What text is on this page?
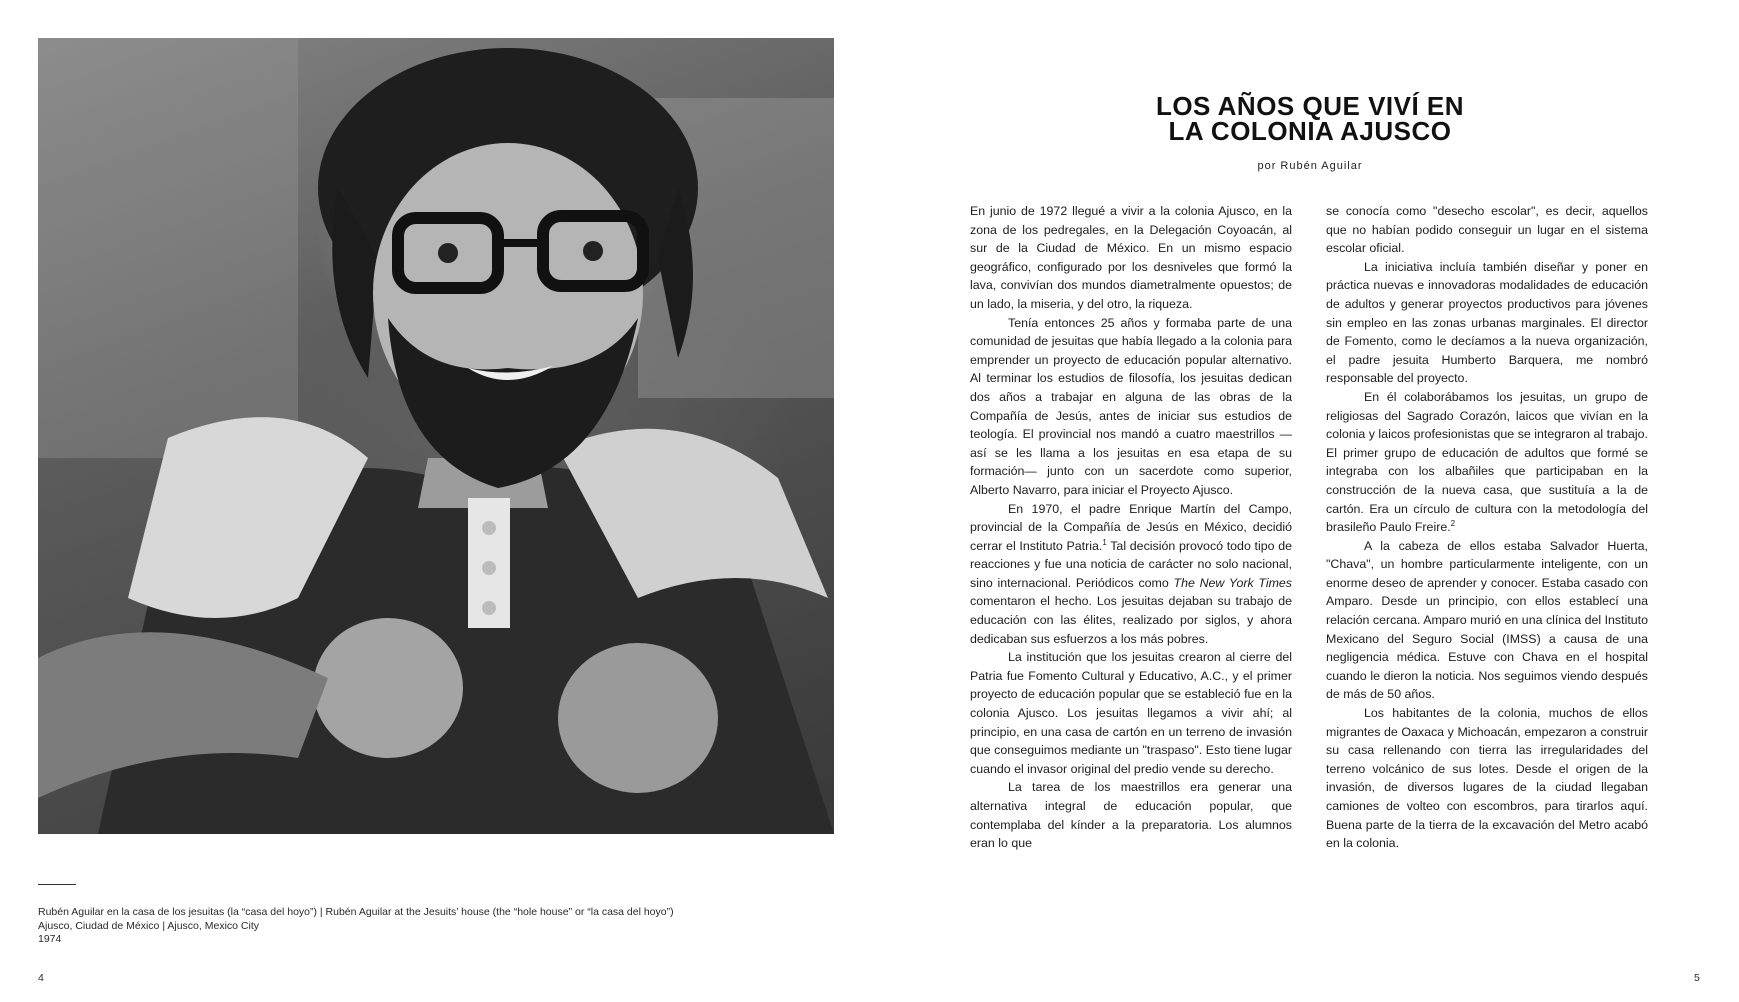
Rubén Aguilar en la casa de los jesuitas (la “casa del hoyo”) | Rubén Aguilar at the Jesuits’ house (the “hole house” or “la casa del hoyo”)
Ajusco, Ciudad de México | Ajusco, Mexico City
1974
4	5
LOS AÑOS QUE VIVÍ EN
LA COLONIA AJUSCO
por Rubén Aguilar

En junio de 1972 llegué a vivir a la colonia Ajusco, en la zona de los pedregales, en la Delegación Coyoacán, al sur de la Ciudad de México. En un mismo espacio geográfico, configurado por los desniveles que formó la lava, convivían dos mundos diametralmente opuestos; de un lado, la miseria, y del otro, la riqueza.

Tenía entonces 25 años y formaba parte de una comunidad de jesuitas que había llegado a la colonia para emprender un proyecto de educación popular alternativo. Al terminar los estudios de filosofía, los jesuitas dedican dos años a trabajar en alguna de las obras de la Compañía de Jesús, antes de iniciar sus estudios de teología. El provincial nos mandó a cuatro maestrillos —así se les llama a los jesuitas en esa etapa de su formación— junto con un sacerdote como superior, Alberto Navarro, para iniciar el Proyecto Ajusco.

En 1970, el padre Enrique Martín del Campo, provincial de la Compañía de Jesús en México, decidió cerrar el Instituto Patria.$^1$ Tal decisión provocó todo tipo de reacciones y fue una noticia de carácter no solo nacional, sino internacional. Periódicos como The New York Times comentaron el hecho. Los jesuitas dejaban su trabajo de educación con las élites, realizado por siglos, y ahora dedicaban sus esfuerzos a los más pobres.

La institución que los jesuitas crearon al cierre del Patria fue Fomento Cultural y Educativo, A.C., y el primer proyecto de educación popular que se estableció fue en la colonia Ajusco. Los jesuitas llegamos a vivir ahí; al principio, en una casa de cartón en un terreno de invasión que conseguimos mediante un "traspaso". Esto tiene lugar cuando el invasor original del predio vende su derecho.

La tarea de los maestrillos era generar una alternativa integral de educación popular, que contemplaba del kínder a la preparatoria. Los alumnos eran lo que

se conocía como "desecho escolar", es decir, aquellos que no habían podido conseguir un lugar en el sistema escolar oficial.

La iniciativa incluía también diseñar y poner en práctica nuevas e innovadoras modalidades de educación de adultos y generar proyectos productivos para jóvenes sin empleo en las zonas urbanas marginales. El director de Fomento, como le decíamos a la nueva organización, el padre jesuita Humberto Barquera, me nombró responsable del proyecto.

En él colaborábamos los jesuitas, un grupo de religiosas del Sagrado Corazón, laicos que vivían en la colonia y laicos profesionistas que se integraron al trabajo. El primer grupo de educación de adultos que formé se integraba con los albañiles que participaban en la construcción de la nueva casa, que sustituía a la de cartón. Era un círculo de cultura con la metodología del brasileño Paulo Freire.$^2$

A la cabeza de ellos estaba Salvador Huerta, "Chava", un hombre particularmente inteligente, con un enorme deseo de aprender y conocer. Estaba casado con Amparo. Desde un principio, con ellos establecí una relación cercana. Amparo murió en una clínica del Instituto Mexicano del Seguro Social (IMSS) a causa de una negligencia médica. Estuve con Chava en el hospital cuando le dieron la noticia. Nos seguimos viendo después de más de 50 años.

Los habitantes de la colonia, muchos de ellos migrantes de Oaxaca y Michoacán, empezaron a construir su casa rellenando con tierra las irregularidades del terreno volcánico de sus lotes. Desde el origen de la invasión, de diversos lugares de la ciudad llegaban camiones de volteo con escombros, para tirarlos aquí. Buena parte de la tierra de la excavación del Metro acabó en la colonia.
